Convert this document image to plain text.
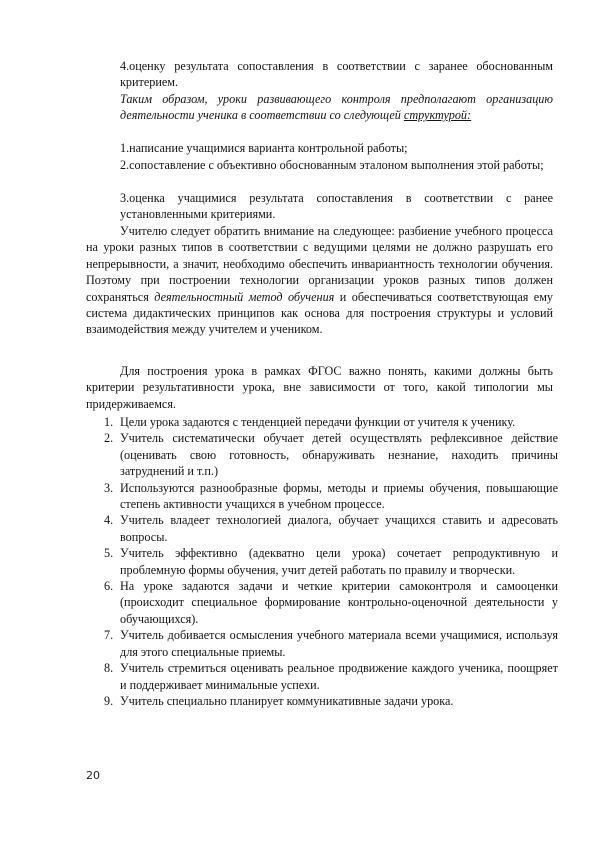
4.оценку результата сопоставления в соответствии с заранее обоснованным критерием.

Таким образом, уроки развивающего контроля предполагают организацию деятельности ученика в соответствии со следующей структурой:

1.написание учащимися варианта контрольной работы;

2.сопоставление с объективно обоснованным эталоном выполнения этой работы;

3.оценка учащимися результата сопоставления в соответствии с ранее установленными критериями.

Учителю следует обратить внимание на следующее: разбиение учебного процесса на уроки разных типов в соответствии с ведущими целями не должно разрушать его непрерывности, а значит, необходимо обеспечить инвариантность технологии обучения. Поэтому при построении технологии организации уроков разных типов должен сохраняться деятельностный метод обучения и обеспечиваться соответствующая ему система дидактических принципов как основа для построения структуры и условий взаимодействия между учителем и учеником.

Для построения урока в рамках ФГОС важно понять, какими должны быть критерии результативности урока, вне зависимости от того, какой типологии мы придерживаемся.

1. Цели урока задаются с тенденцией передачи функции от учителя к ученику.
2. Учитель систематически обучает детей осуществлять рефлексивное действие (оценивать свою готовность, обнаруживать незнание, находить причины затруднений и т.п.)
3. Используются разнообразные формы, методы и приемы обучения, повышающие степень активности учащихся в учебном процессе.
4. Учитель владеет технологией диалога, обучает учащихся ставить и адресовать вопросы.
5. Учитель эффективно (адекватно цели урока) сочетает репродуктивную и проблемную формы обучения, учит детей работать по правилу и творчески.
6. На уроке задаются задачи и четкие критерии самоконтроля и самооценки (происходит специальное формирование контрольно-оценочной деятельности у обучающихся).
7. Учитель добивается осмысления учебного материала всеми учащимися, используя для этого специальные приемы.
8. Учитель стремиться оценивать реальное продвижение каждого ученика, поощряет и поддерживает минимальные успехи.
9. Учитель специально планирует коммуникативные задачи урока.
20
